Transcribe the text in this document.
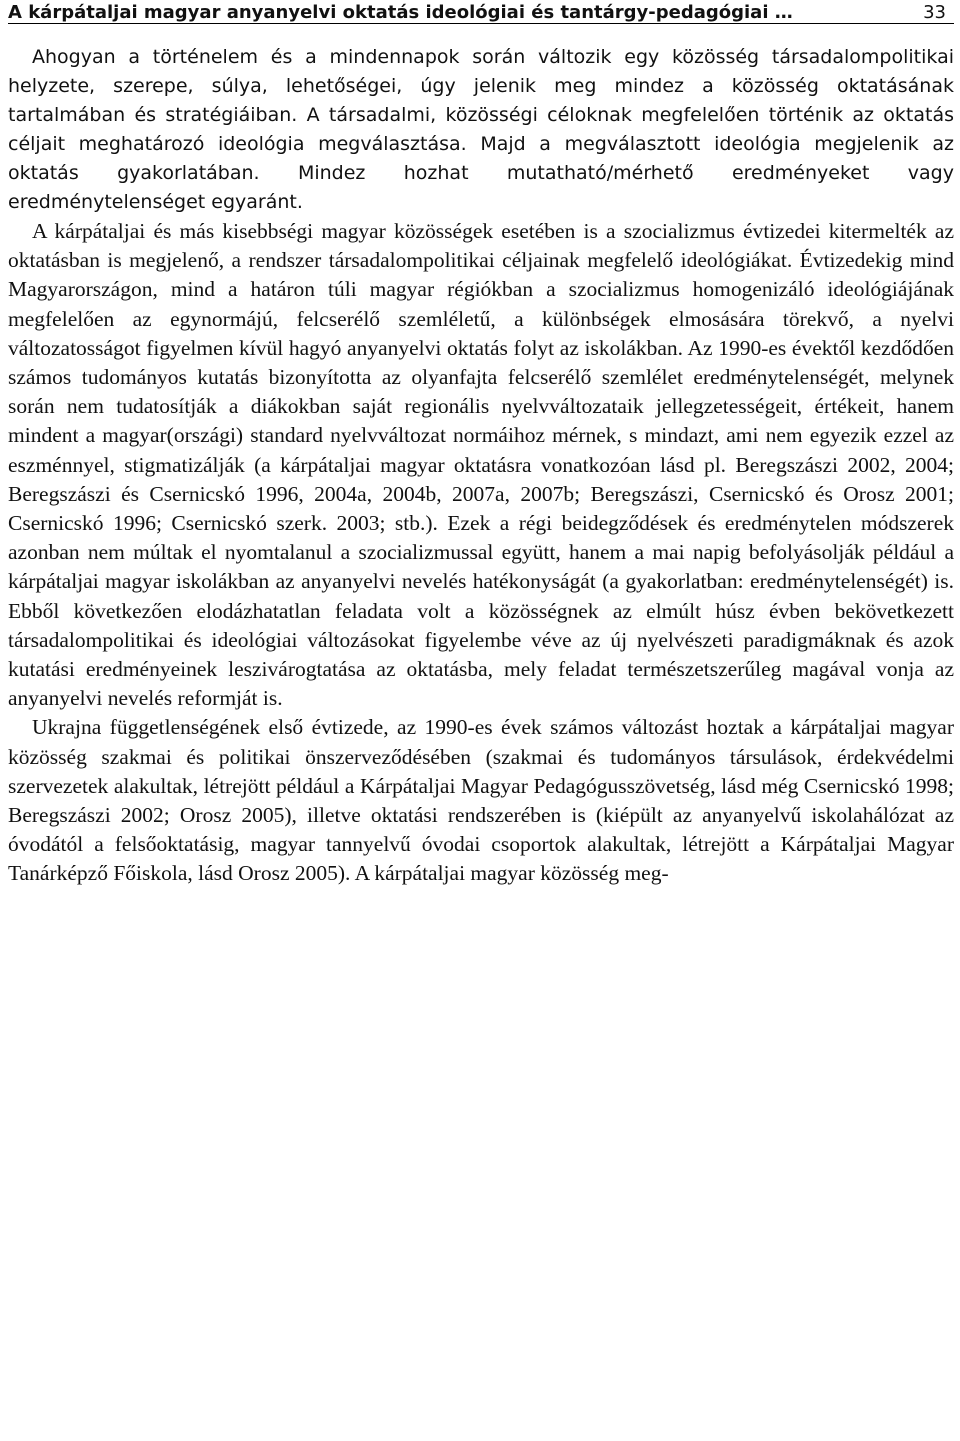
A kárpátaljai magyar anyanyelvi oktatás ideológiai és tantárgy-pedagógiai …	33

Ahogyan a történelem és a mindennapok során változik egy közösség társadalompolitikai helyzete, szerepe, súlya, lehetőségei, úgy jelenik meg mindez a közösség oktatásának tartalmában és stratégiáiban. A társadalmi, közösségi céloknak megfelelően történik az oktatás céljait meghatározó ideológia megválasztása. Majd a megválasztott ideológia megjelenik az oktatás gyakorlatában. Mindez hozhat mutatható/mérhető eredményeket vagy eredménytelenséget egyaránt.

A kárpátaljai és más kisebbségi magyar közösségek esetében is a szocializmus évtizedei kitermelték az oktatásban is megjelenő, a rendszer társadalompolitikai céljainak megfelelő ideológiákat. Évtizedekig mind Magyarországon, mind a határon túli magyar régiókban a szocializmus homogenizáló ideológiájának megfelelően az egynormájú, felcserélő szemléletű, a különbségek elmosására törekvő, a nyelvi változatosságot figyelmen kívül hagyó anyanyelvi oktatás folyt az iskolákban. Az 1990-es évektől kezdődően számos tudományos kutatás bizonyította az olyanfajta felcserélő szemlélet eredménytelenségét, melynek során nem tudatosítják a diákokban saját regionális nyelvváltozataik jellegzetességeit, értékeit, hanem mindent a magyar(országi) standard nyelvváltozat normáihoz mérnek, s mindazt, ami nem egyezik ezzel az eszménnyel, stigmatizálják (a kárpátaljai magyar oktatásra vonatkozóan lásd pl. Beregszászi 2002, 2004; Beregszászi és Csernicskó 1996, 2004a, 2004b, 2007a, 2007b; Beregszászi, Csernicskó és Orosz 2001; Csernicskó 1996; Csernicskó szerk. 2003; stb.). Ezek a régi beidegződések és eredménytelen módszerek azonban nem múltak el nyomtalanul a szocializmussal együtt, hanem a mai napig befolyásolják például a kárpátaljai magyar iskolákban az anyanyelvi nevelés hatékonyságát (a gyakorlatban: eredménytelenségét) is. Ebből következően elodázhatatlan feladata volt a közösségnek az elmúlt húsz évben bekövetkezett társadalompolitikai és ideológiai változásokat figyelembe véve az új nyelvészeti paradigmáknak és azok kutatási eredményeinek leszivárogtatása az oktatásba, mely feladat természetszerűleg magával vonja az anyanyelvi nevelés reformját is.

Ukrajna függetlenségének első évtizede, az 1990-es évek számos változást hoztak a kárpátaljai magyar közösség szakmai és politikai önszerveződésében (szakmai és tudományos társulások, érdekvédelmi szervezetek alakultak, létrejött például a Kárpátaljai Magyar Pedagógusszövetség, lásd még Csernicskó 1998; Beregszászi 2002; Orosz 2005), illetve oktatási rendszerében is (kiépült az anyanyelvű iskolahálózat az óvodától a felsőoktatásig, magyar tannyelvű óvodai csoportok alakultak, létrejött a Kárpátaljai Magyar Tanárképző Főiskola, lásd Orosz 2005). A kárpátaljai magyar közösség meg-
